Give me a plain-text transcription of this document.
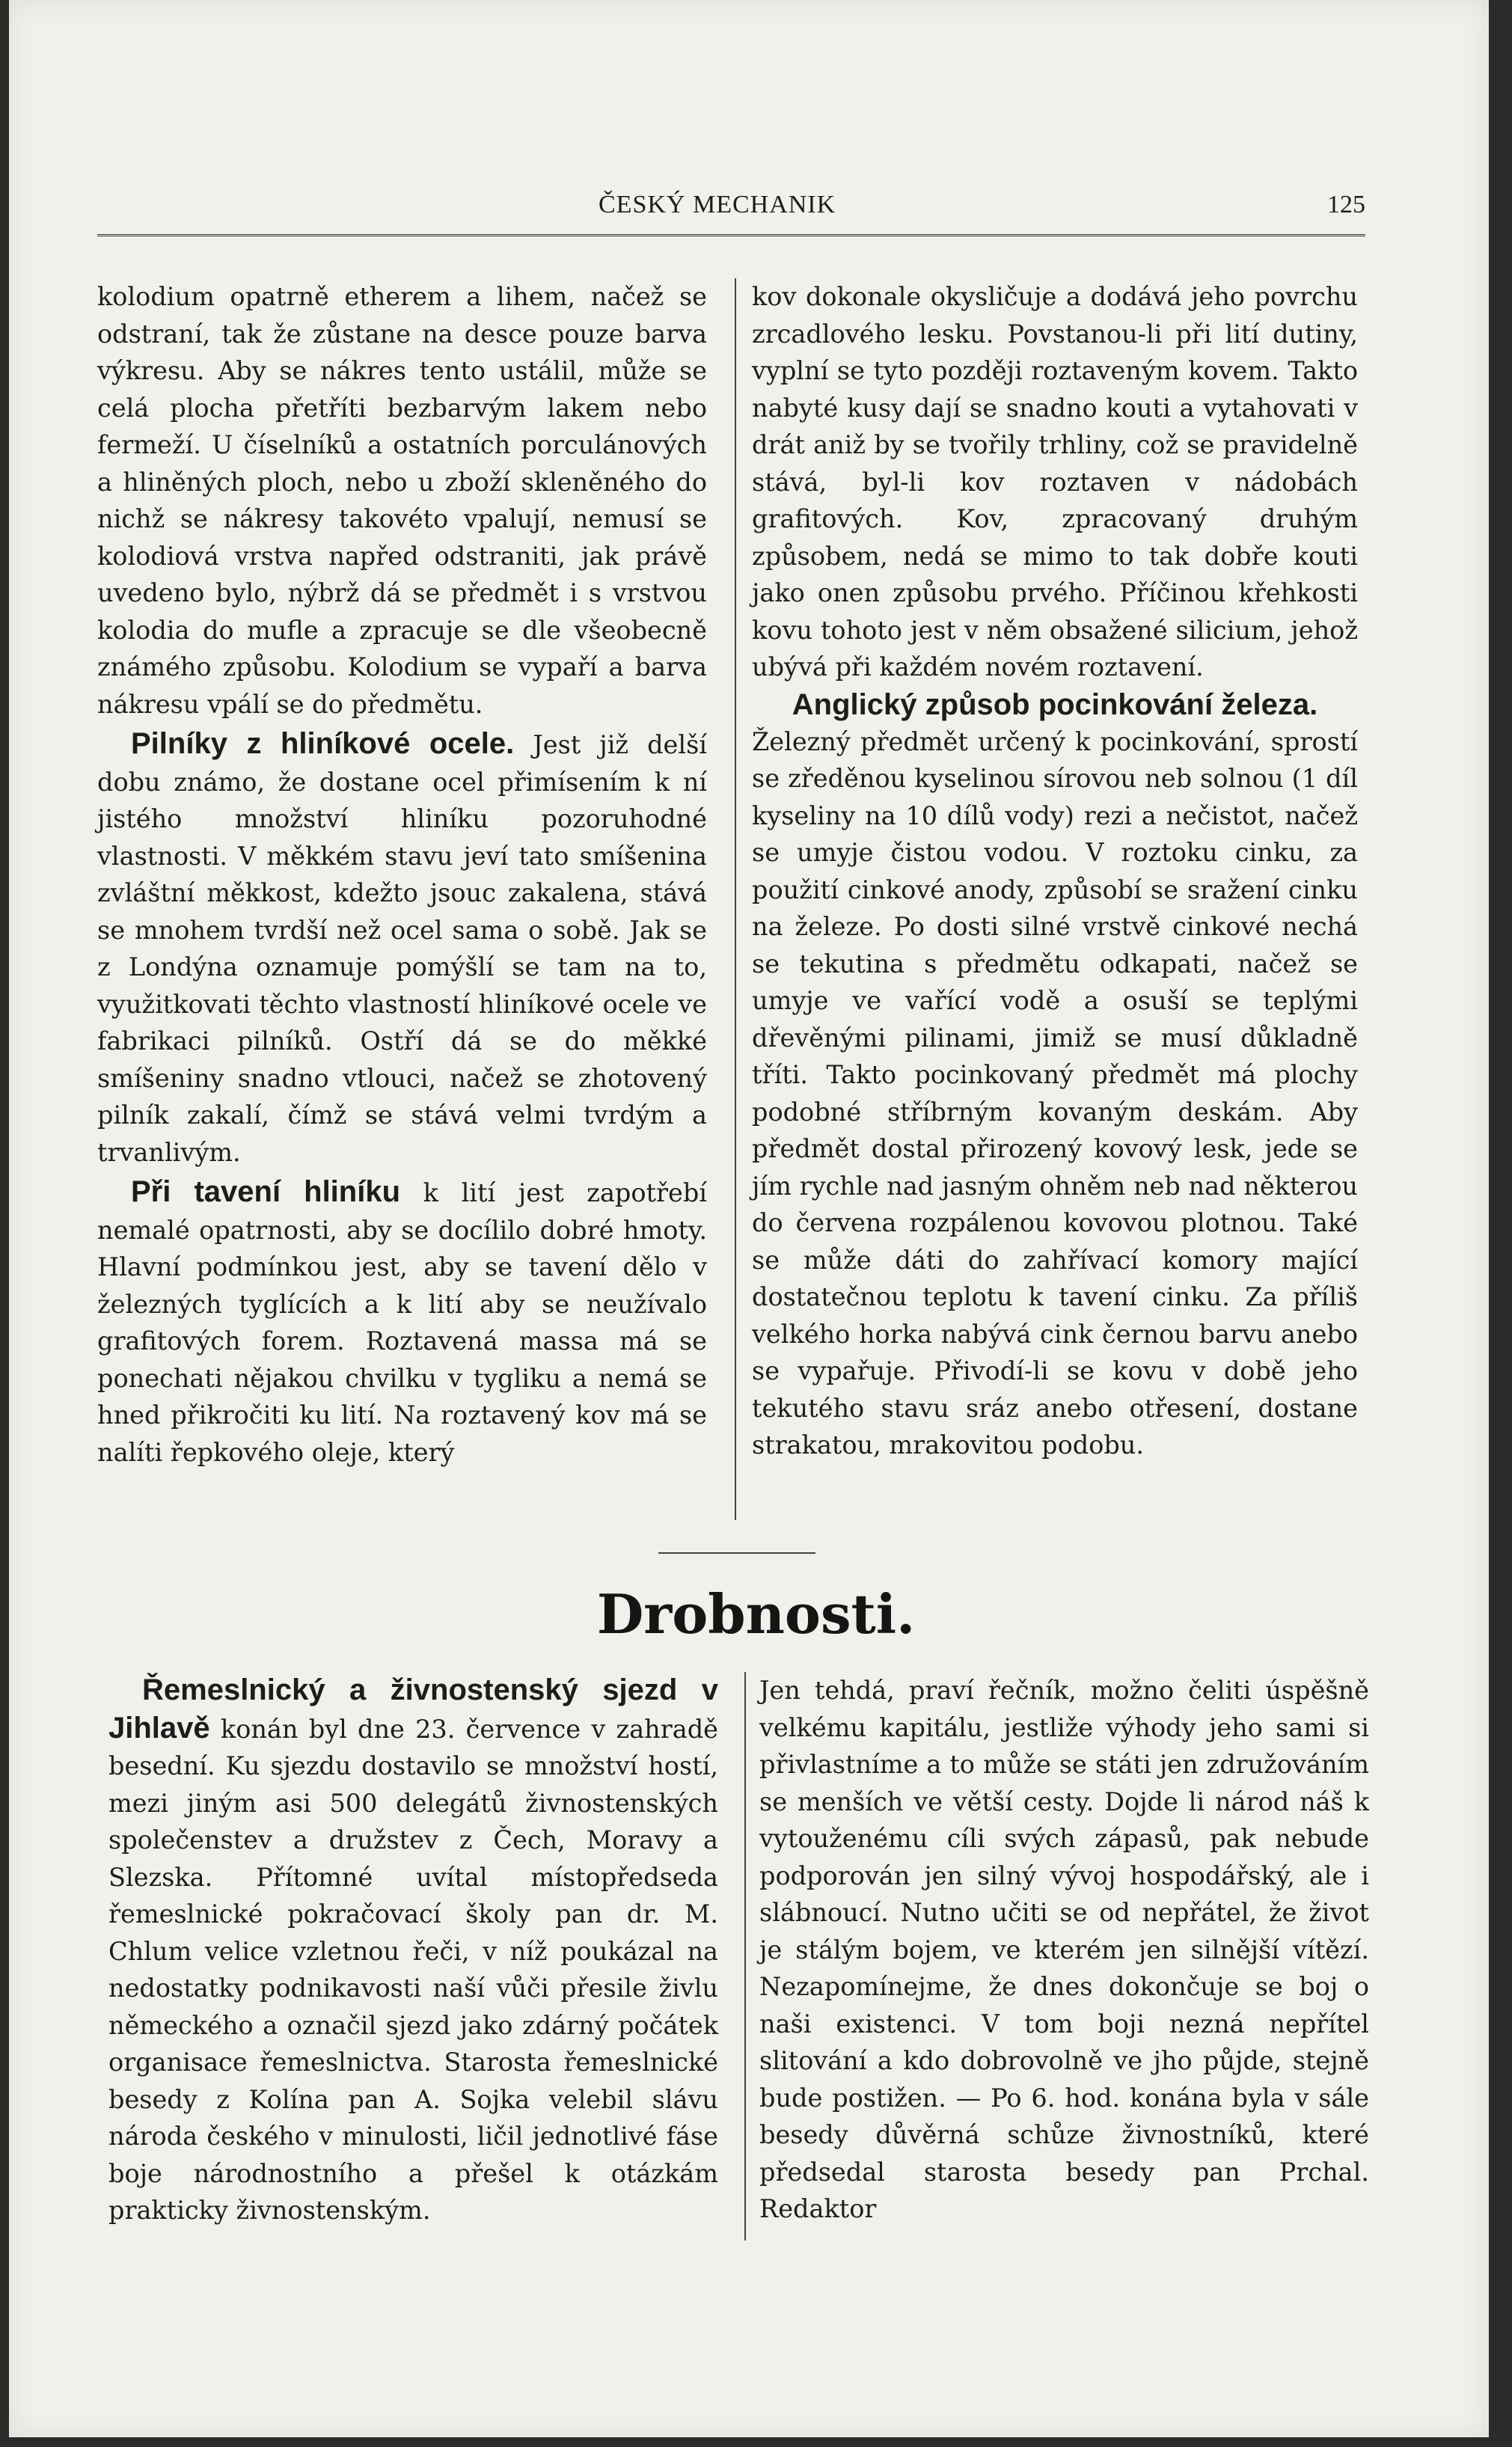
ČESKÝ MECHANIK	125

kolodium opatrně etherem a lihem, načež se odstraní, tak že zůstane na desce pouze barva výkresu. Aby se nákres tento ustálil, může se celá plocha přetříti bezbarvým lakem nebo fermeží. U číselníků a ostatních porculánových a hliněných ploch, nebo u zboží skleněného do nichž se nákresy takovéto vpalují, nemusí se kolodiová vrstva napřed odstraniti, jak právě uvedeno bylo, nýbrž dá se předmět i s vrstvou kolodia do mufle a zpracuje se dle všeobecně známého způsobu. Kolodium se vypaří a barva nákresu vpálí se do předmětu.

Pilníky z hliníkové ocele. Jest již delší dobu známo, že dostane ocel přimísením k ní jistého množství hliníku pozoruhodné vlastnosti. V měkkém stavu jeví tato smíšenina zvláštní měkkost, kdežto jsouc zakalena, stává se mnohem tvrdší než ocel sama o sobě. Jak se z Londýna oznamuje pomýšlí se tam na to, využitkovati těchto vlastností hliníkové ocele ve fabrikaci pilníků. Ostří dá se do měkké smíšeniny snadno vtlouci, načež se zhotovený pilník zakalí, čímž se stává velmi tvrdým a trvanlivým.

Při tavení hliníku k lití jest zapotřebí nemalé opatrnosti, aby se docílilo dobré hmoty. Hlavní podmínkou jest, aby se tavení dělo v železných tyglících a k lití aby se neužívalo grafitových forem. Roztavená massa má se ponechati nějakou chvilku v tygliku a nemá se hned přikročiti ku lití. Na roztavený kov má se nalíti řepkového oleje, který

kov dokonale okysličuje a dodává jeho povrchu zrcadlového lesku. Povstanou-li při lití dutiny, vyplní se tyto později roztaveným kovem. Takto nabyté kusy dají se snadno kouti a vytahovati v drát aniž by se tvořily trhliny, což se pravidelně stává, byl-li kov roztaven v nádobách grafitových. Kov, zpracovaný druhým způsobem, nedá se mimo to tak dobře kouti jako onen způsobu prvého. Příčinou křehkosti kovu tohoto jest v něm obsažené silicium, jehož ubývá při každém novém roztavení.

Anglický způsob pocinkování železa.

Železný předmět určený k pocinkování, sprostí se zředěnou kyselinou sírovou neb solnou (1 díl kyseliny na 10 dílů vody) rezi a nečistot, načež se umyje čistou vodou. V roztoku cinku, za použití cinkové anody, způsobí se sražení cinku na železe. Po dosti silné vrstvě cinkové nechá se tekutina s předmětu odkapati, načež se umyje ve vařící vodě a osuší se teplými dřevěnými pilinami, jimiž se musí důkladně tříti. Takto pocinkovaný předmět má plochy podobné stříbrným kovaným deskám. Aby předmět dostal přirozený kovový lesk, jede se jím rychle nad jasným ohněm neb nad některou do červena rozpálenou kovovou plotnou. Také se může dáti do zahřívací komory mající dostatečnou teplotu k tavení cinku. Za příliš velkého horka nabývá cink černou barvu anebo se vypařuje. Přivodí-li se kovu v době jeho tekutého stavu sráz anebo otřesení, dostane strakatou, mrakovitou podobu.

Drobnosti.

Řemeslnický a živnostenský sjezd v Jihlavě konán byl dne 23. července v zahradě besední. Ku sjezdu dostavilo se množství hostí, mezi jiným asi 500 delegátů živnostenských společenstev a družstev z Čech, Moravy a Slezska. Přítomné uvítal místopředseda řemeslnické pokračovací školy pan dr. M. Chlum velice vzletnou řeči, v níž poukázal na nedostatky podnikavosti naší vůči přesile živlu německého a označil sjezd jako zdárný počátek organisace řemeslnictva. Starosta řemeslnické besedy z Kolína pan A. Sojka velebil slávu národa českého v minulosti, ličil jednotlivé fáse boje národnostního a přešel k otázkám prakticky živnostenským.

Jen tehdá, praví řečník, možno čeliti úspěšně velkému kapitálu, jestliže výhody jeho sami si přivlastníme a to může se státi jen združováním se menších ve větší cesty. Dojde li národ náš k vytouženému cíli svých zápasů, pak nebude podporován jen silný vývoj hospodářský, ale i slábnoucí. Nutno učiti se od nepřátel, že život je stálým bojem, ve kterém jen silnější vítězí. Nezapomínejme, že dnes dokončuje se boj o naši existenci. V tom boji nezná nepřítel slitování a kdo dobrovolně ve jho půjde, stejně bude postižen. — Po 6. hod. konána byla v sále besedy důvěrná schůze živnostníků, které předsedal starosta besedy pan Prchal. Redaktor
